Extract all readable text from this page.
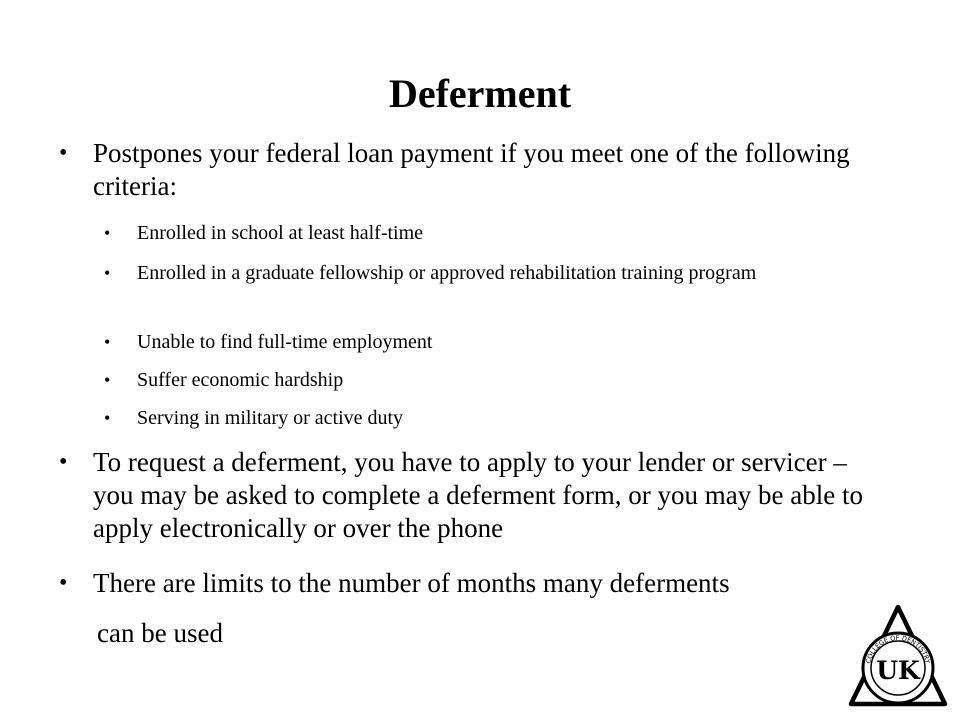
Deferment
• Postpones your federal loan payment if you meet one of the following criteria:
• Enrolled in school at least half-time
• Enrolled in a graduate fellowship or approved rehabilitation training program
• Unable to find full-time employment
• Suffer economic hardship
• Serving in military or active duty
• To request a deferment, you have to apply to your lender or servicer – you may be asked to complete a deferment form, or you may be able to apply electronically or over the phone
• There are limits to the number of months many deferments
can be used
COLLEGE OF DENTISTRY
UK
